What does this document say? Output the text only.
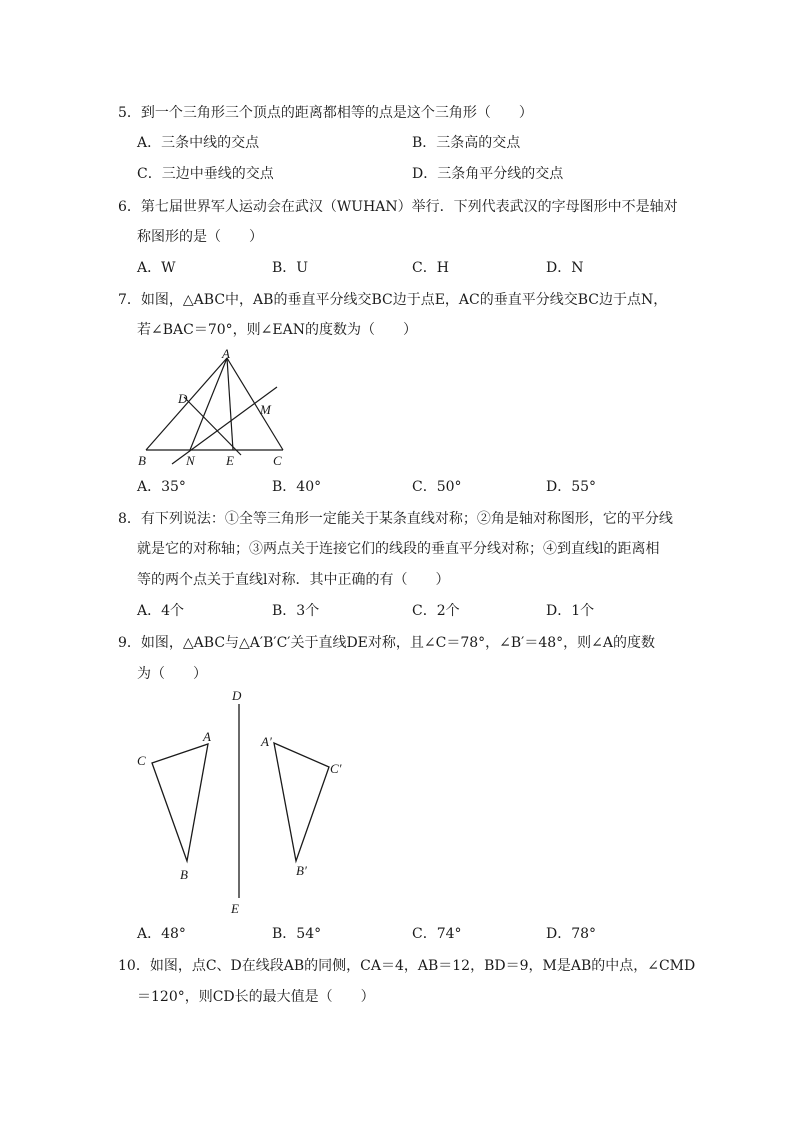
5．到一个三角形三个顶点的距离都相等的点是这个三角形（　　）
A．三条中线的交点	B．三条高的交点
C．三边中垂线的交点	D．三条角平分线的交点
6．第七届世界军人运动会在武汉（WUHAN）举行．下列代表武汉的字母图形中不是轴对
称图形的是（　　）
A．W	B．U	C．H	D．N
7．如图，△ABC中，AB的垂直平分线交BC边于点E，AC的垂直平分线交BC边于点N，
若∠BAC＝70°，则∠EAN的度数为（　　）
A
D
M
B	N E	C
A．35°	B．40°	C．50°	D．55°
8．有下列说法：①全等三角形一定能关于某条直线对称；②角是轴对称图形，它的平分线
就是它的对称轴；③两点关于连接它们的线段的垂直平分线对称；④到直线l的距离相
等的两个点关于直线l对称．其中正确的有（　　）
A．4个	B．3个	C．2个	D．1个
9．如图，△ABC与△A′B′C′关于直线DE对称，且∠C＝78°，∠B′＝48°，则∠A的度数
为（　　）
D
A
C
A′
C′
B	B′
E
A．48°	B．54°	C．74°	D．78°
10．如图，点C、D在线段AB的同侧，CA＝4，AB＝12，BD＝9，M是AB的中点，∠CMD
＝120°，则CD长的最大值是（　　）
